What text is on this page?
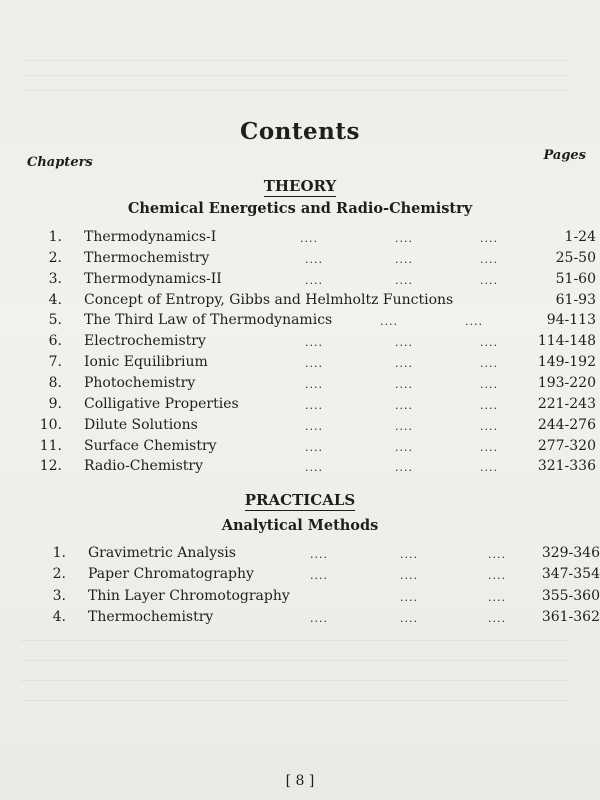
Contents
Chapters	Pages
THEORY
Chemical Energetics and Radio-Chemistry
1. Thermodynamics-I	....	....	....	1-24
2. Thermochemistry	....	....	....	25-50
3. Thermodynamics-II	....	....	....	51-60
4. Concept of Entropy, Gibbs and Helmholtz Functions	61-93
5. The Third Law of Thermodynamics	....	....	94-113
6. Electrochemistry	....	....	....	114-148
7. Ionic Equilibrium	....	....	....	149-192
8. Photochemistry	....	....	....	193-220
9. Colligative Properties	....	....	....	221-243
10. Dilute Solutions	....	....	....	244-276
11. Surface Chemistry	....	....	....	277-320
12. Radio-Chemistry	....	....	....	321-336
PRACTICALS
Analytical Methods
1. Gravimetric Analysis	....	....	....	329-346
2. Paper Chromatography	....	....	....	347-354
3. Thin Layer Chromotography	....	....	355-360
4. Thermochemistry	....	....	....	361-362
[ 8 ]
